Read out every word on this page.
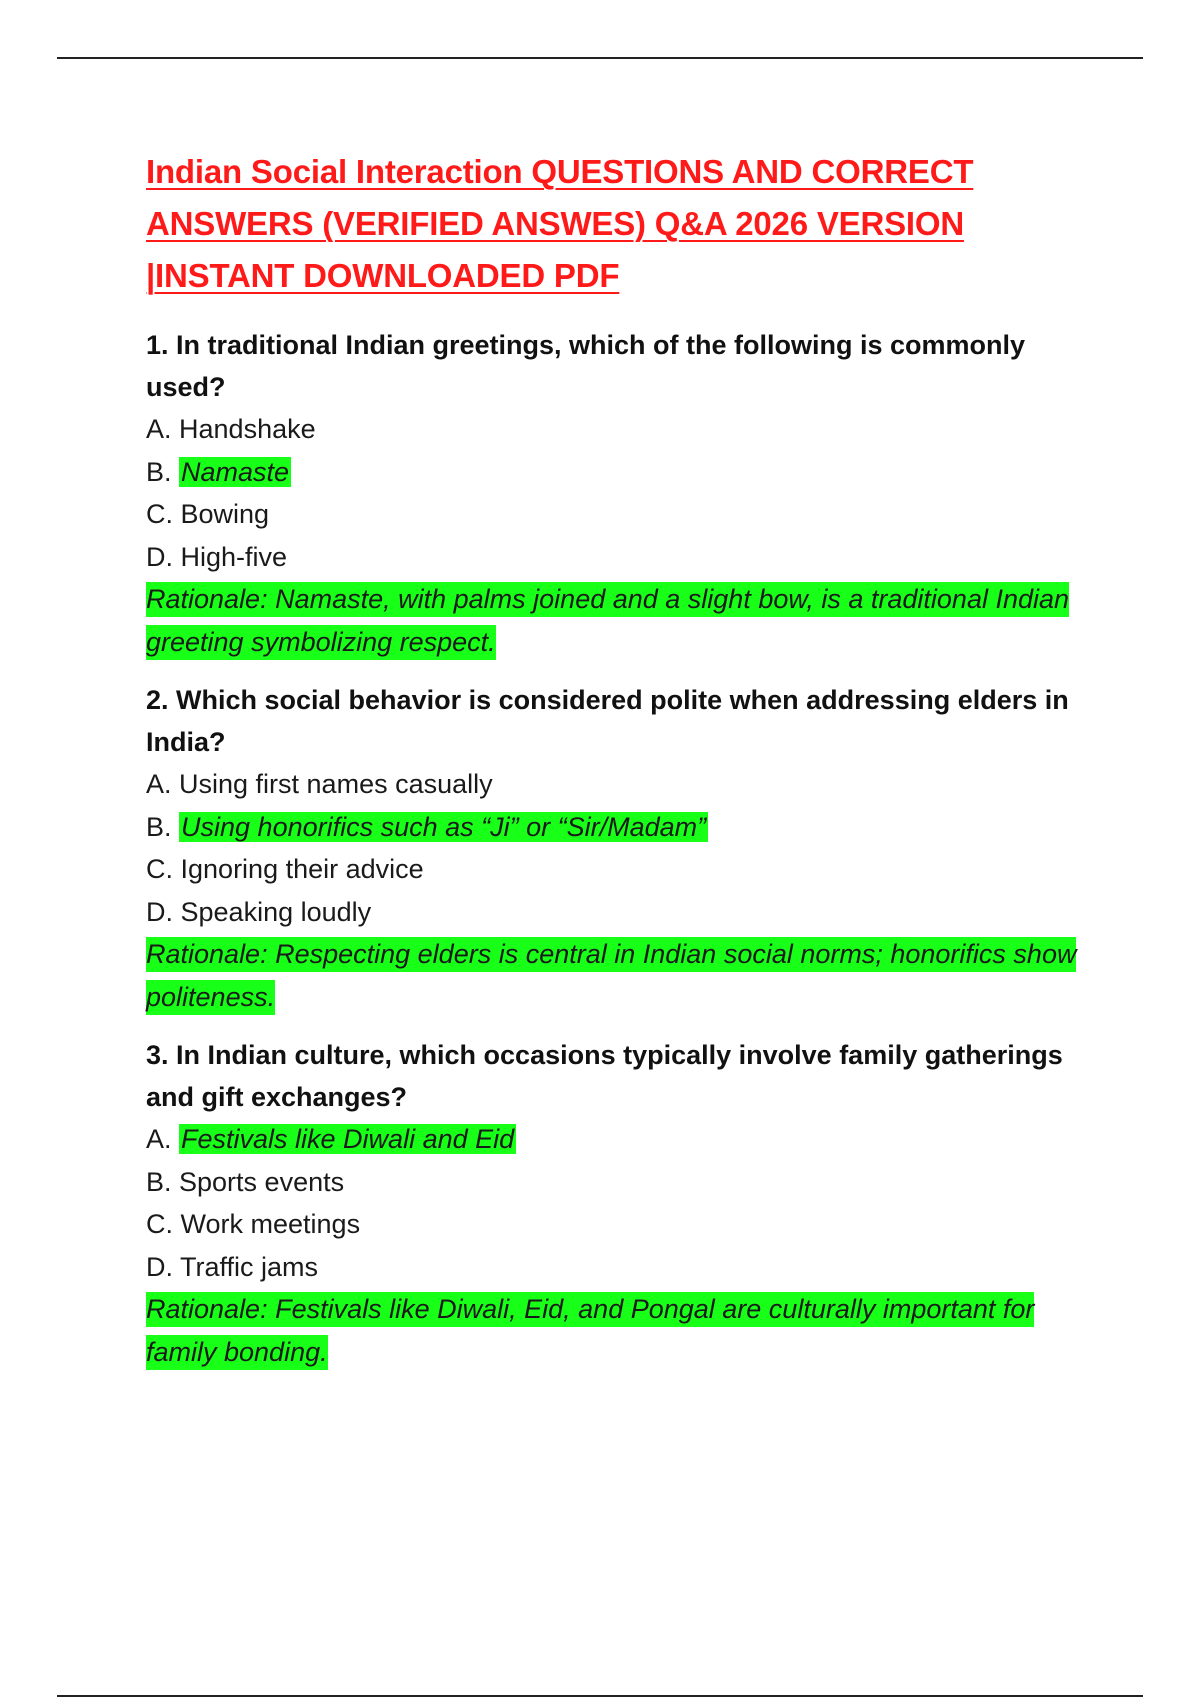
Indian Social Interaction QUESTIONS AND CORRECT ANSWERS (VERIFIED ANSWES) Q&A 2026 VERSION |INSTANT DOWNLOADED PDF

1. In traditional Indian greetings, which of the following is commonly used?

A. Handshake

B. Namaste

C. Bowing

D. High-five

Rationale: Namaste, with palms joined and a slight bow, is a traditional Indian greeting symbolizing respect.

2. Which social behavior is considered polite when addressing elders in India?

A. Using first names casually

B. Using honorifics such as “Ji” or “Sir/Madam”

C. Ignoring their advice

D. Speaking loudly

Rationale: Respecting elders is central in Indian social norms; honorifics show politeness.

3. In Indian culture, which occasions typically involve family gatherings and gift exchanges?

A. Festivals like Diwali and Eid

B. Sports events

C. Work meetings

D. Traffic jams

Rationale: Festivals like Diwali, Eid, and Pongal are culturally important for family bonding.
